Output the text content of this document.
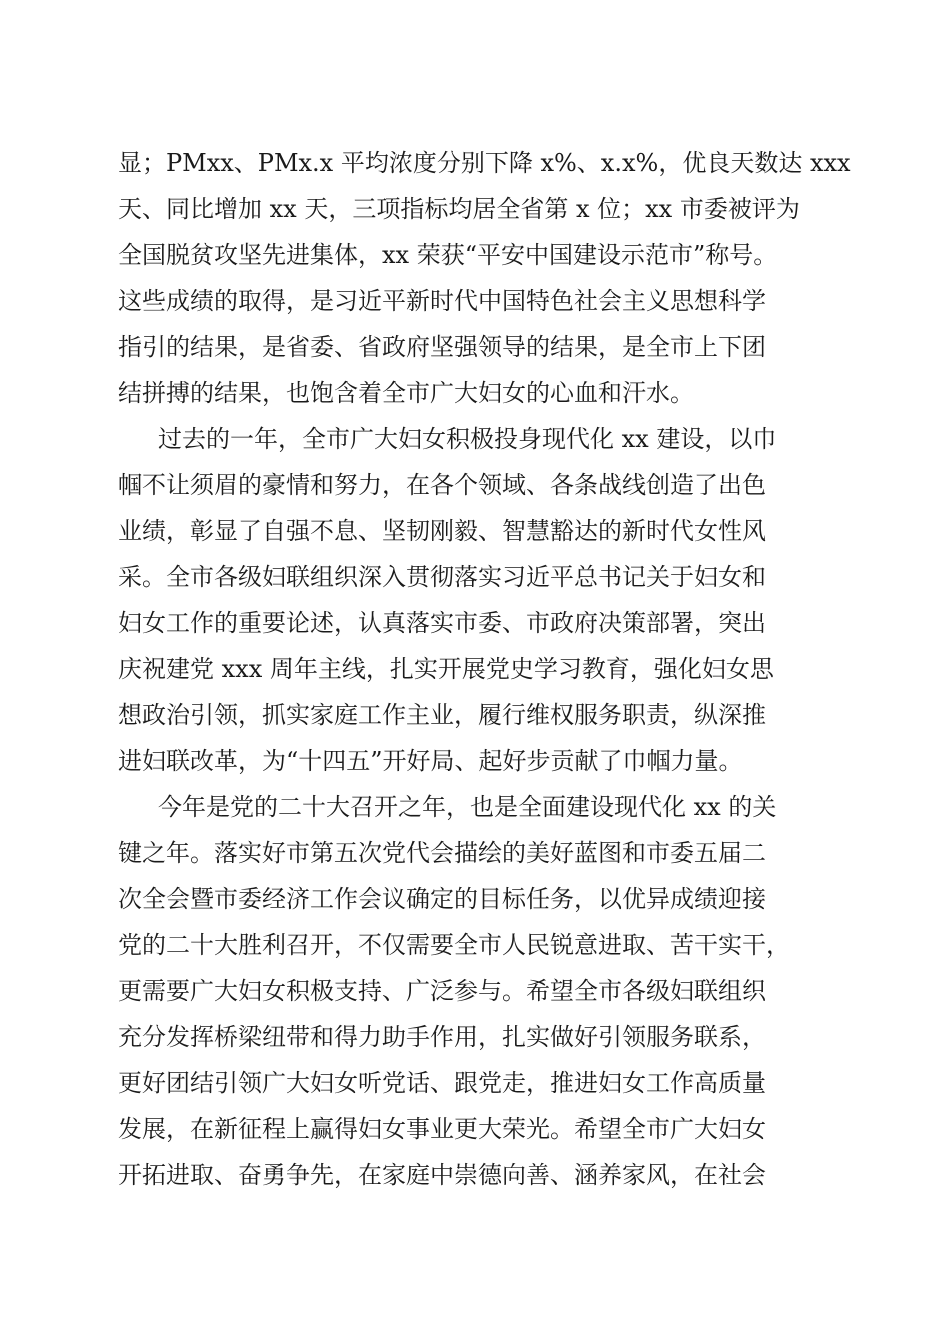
显；PMxx、PMx.x 平均浓度分别下降 x%、x.x%，优良天数达 xxx
天、同比增加 xx 天，三项指标均居全省第 x 位；xx 市委被评为
全国脱贫攻坚先进集体，xx 荣获“平安中国建设示范市”称号。
这些成绩的取得，是习近平新时代中国特色社会主义思想科学
指引的结果，是省委、省政府坚强领导的结果，是全市上下团
结拼搏的结果，也饱含着全市广大妇女的心血和汗水。
过去的一年，全市广大妇女积极投身现代化 xx 建设，以巾
帼不让须眉的豪情和努力，在各个领域、各条战线创造了出色
业绩，彰显了自强不息、坚韧刚毅、智慧豁达的新时代女性风
采。全市各级妇联组织深入贯彻落实习近平总书记关于妇女和
妇女工作的重要论述，认真落实市委、市政府决策部署，突出
庆祝建党 xxx 周年主线，扎实开展党史学习教育，强化妇女思
想政治引领，抓实家庭工作主业，履行维权服务职责，纵深推
进妇联改革，为“十四五”开好局、起好步贡献了巾帼力量。
今年是党的二十大召开之年，也是全面建设现代化 xx 的关
键之年。落实好市第五次党代会描绘的美好蓝图和市委五届二
次全会暨市委经济工作会议确定的目标任务，以优异成绩迎接
党的二十大胜利召开，不仅需要全市人民锐意进取、苦干实干，
更需要广大妇女积极支持、广泛参与。希望全市各级妇联组织
充分发挥桥梁纽带和得力助手作用，扎实做好引领服务联系，
更好团结引领广大妇女听党话、跟党走，推进妇女工作高质量
发展，在新征程上赢得妇女事业更大荣光。希望全市广大妇女
开拓进取、奋勇争先，在家庭中崇德向善、涵养家风，在社会
